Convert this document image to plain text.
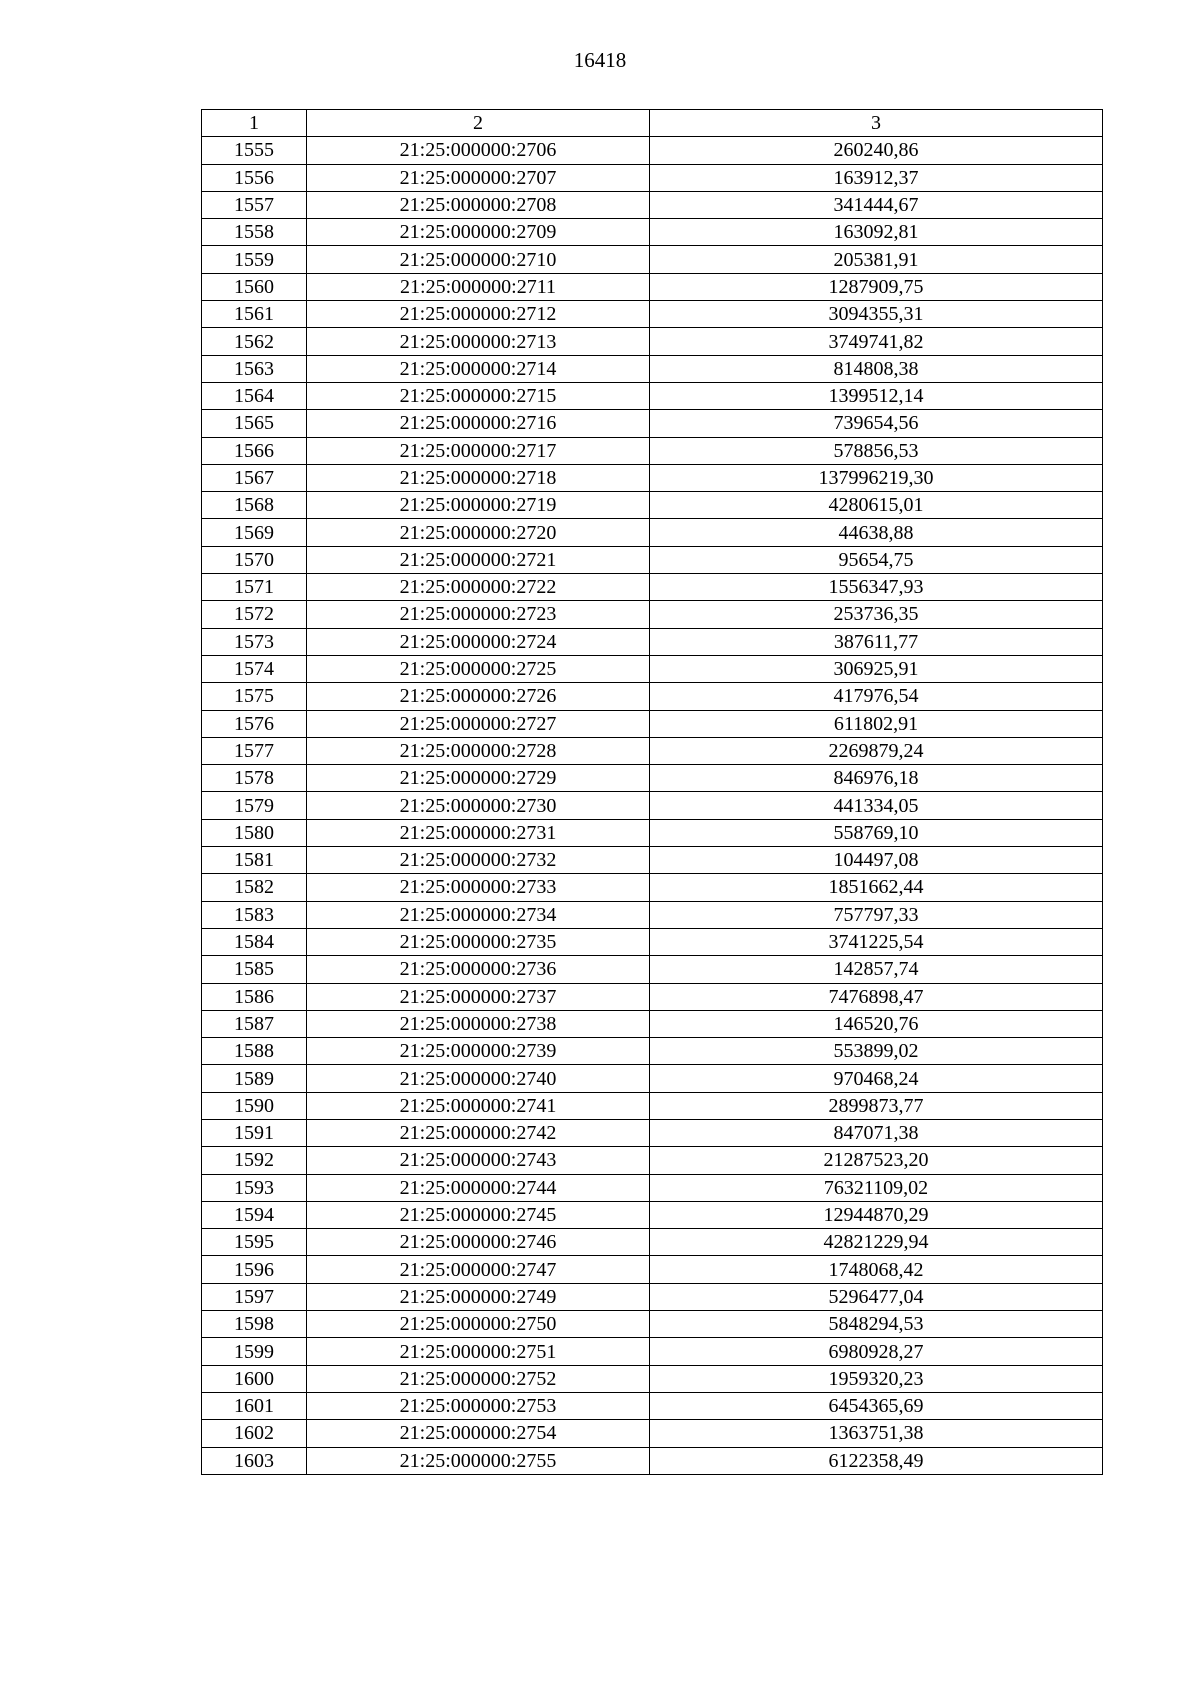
16418
1	2	3
1555	21:25:000000:2706	260240,86
1556	21:25:000000:2707	163912,37
1557	21:25:000000:2708	341444,67
1558	21:25:000000:2709	163092,81
1559	21:25:000000:2710	205381,91
1560	21:25:000000:2711	1287909,75
1561	21:25:000000:2712	3094355,31
1562	21:25:000000:2713	3749741,82
1563	21:25:000000:2714	814808,38
1564	21:25:000000:2715	1399512,14
1565	21:25:000000:2716	739654,56
1566	21:25:000000:2717	578856,53
1567	21:25:000000:2718	137996219,30
1568	21:25:000000:2719	4280615,01
1569	21:25:000000:2720	44638,88
1570	21:25:000000:2721	95654,75
1571	21:25:000000:2722	1556347,93
1572	21:25:000000:2723	253736,35
1573	21:25:000000:2724	387611,77
1574	21:25:000000:2725	306925,91
1575	21:25:000000:2726	417976,54
1576	21:25:000000:2727	611802,91
1577	21:25:000000:2728	2269879,24
1578	21:25:000000:2729	846976,18
1579	21:25:000000:2730	441334,05
1580	21:25:000000:2731	558769,10
1581	21:25:000000:2732	104497,08
1582	21:25:000000:2733	1851662,44
1583	21:25:000000:2734	757797,33
1584	21:25:000000:2735	3741225,54
1585	21:25:000000:2736	142857,74
1586	21:25:000000:2737	7476898,47
1587	21:25:000000:2738	146520,76
1588	21:25:000000:2739	553899,02
1589	21:25:000000:2740	970468,24
1590	21:25:000000:2741	2899873,77
1591	21:25:000000:2742	847071,38
1592	21:25:000000:2743	21287523,20
1593	21:25:000000:2744	76321109,02
1594	21:25:000000:2745	12944870,29
1595	21:25:000000:2746	42821229,94
1596	21:25:000000:2747	1748068,42
1597	21:25:000000:2749	5296477,04
1598	21:25:000000:2750	5848294,53
1599	21:25:000000:2751	6980928,27
1600	21:25:000000:2752	1959320,23
1601	21:25:000000:2753	6454365,69
1602	21:25:000000:2754	1363751,38
1603	21:25:000000:2755	6122358,49
